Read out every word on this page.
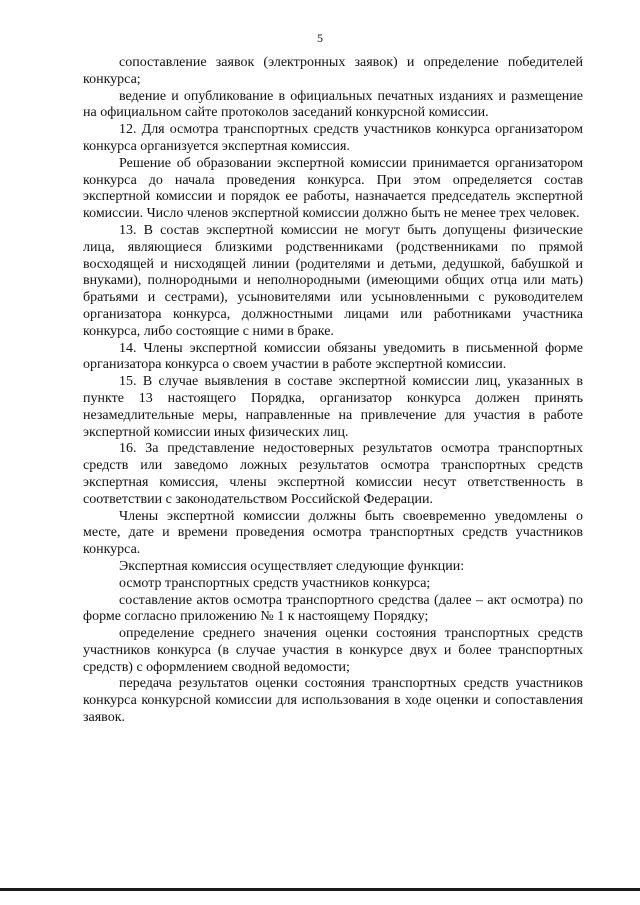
5

сопоставление заявок (электронных заявок) и определение победителей конкурса;

ведение и опубликование в официальных печатных изданиях и размещение на официальном сайте протоколов заседаний конкурсной комиссии.

12. Для осмотра транспортных средств участников конкурса организатором конкурса организуется экспертная комиссия.

Решение об образовании экспертной комиссии принимается организатором конкурса до начала проведения конкурса. При этом определяется состав экспертной комиссии и порядок ее работы, назначается председатель экспертной комиссии. Число членов экспертной комиссии должно быть не менее трех человек.

13. В состав экспертной комиссии не могут быть допущены физические лица, являющиеся близкими родственниками (родственниками по прямой восходящей и нисходящей линии (родителями и детьми, дедушкой, бабушкой и внуками), полнородными и неполнородными (имеющими общих отца или мать) братьями и сестрами), усыновителями или усыновленными с руководителем организатора конкурса, должностными лицами или работниками участника конкурса, либо состоящие с ними в браке.

14. Члены экспертной комиссии обязаны уведомить в письменной форме организатора конкурса о своем участии в работе экспертной комиссии.

15. В случае выявления в составе экспертной комиссии лиц, указанных в пункте 13 настоящего Порядка, организатор конкурса должен принять незамедлительные меры, направленные на привлечение для участия в работе экспертной комиссии иных физических лиц.

16. За представление недостоверных результатов осмотра транспортных средств или заведомо ложных результатов осмотра транспортных средств экспертная комиссия, члены экспертной комиссии несут ответственность в соответствии с законодательством Российской Федерации.

Члены экспертной комиссии должны быть своевременно уведомлены о месте, дате и времени проведения осмотра транспортных средств участников конкурса.

Экспертная комиссия осуществляет следующие функции:

осмотр транспортных средств участников конкурса;

составление актов осмотра транспортного средства (далее – акт осмотра) по форме согласно приложению № 1 к настоящему Порядку;

определение среднего значения оценки состояния транспортных средств участников конкурса (в случае участия в конкурсе двух и более транспортных средств) с оформлением сводной ведомости;

передача результатов оценки состояния транспортных средств участников конкурса конкурсной комиссии для использования в ходе оценки и сопоставления заявок.
